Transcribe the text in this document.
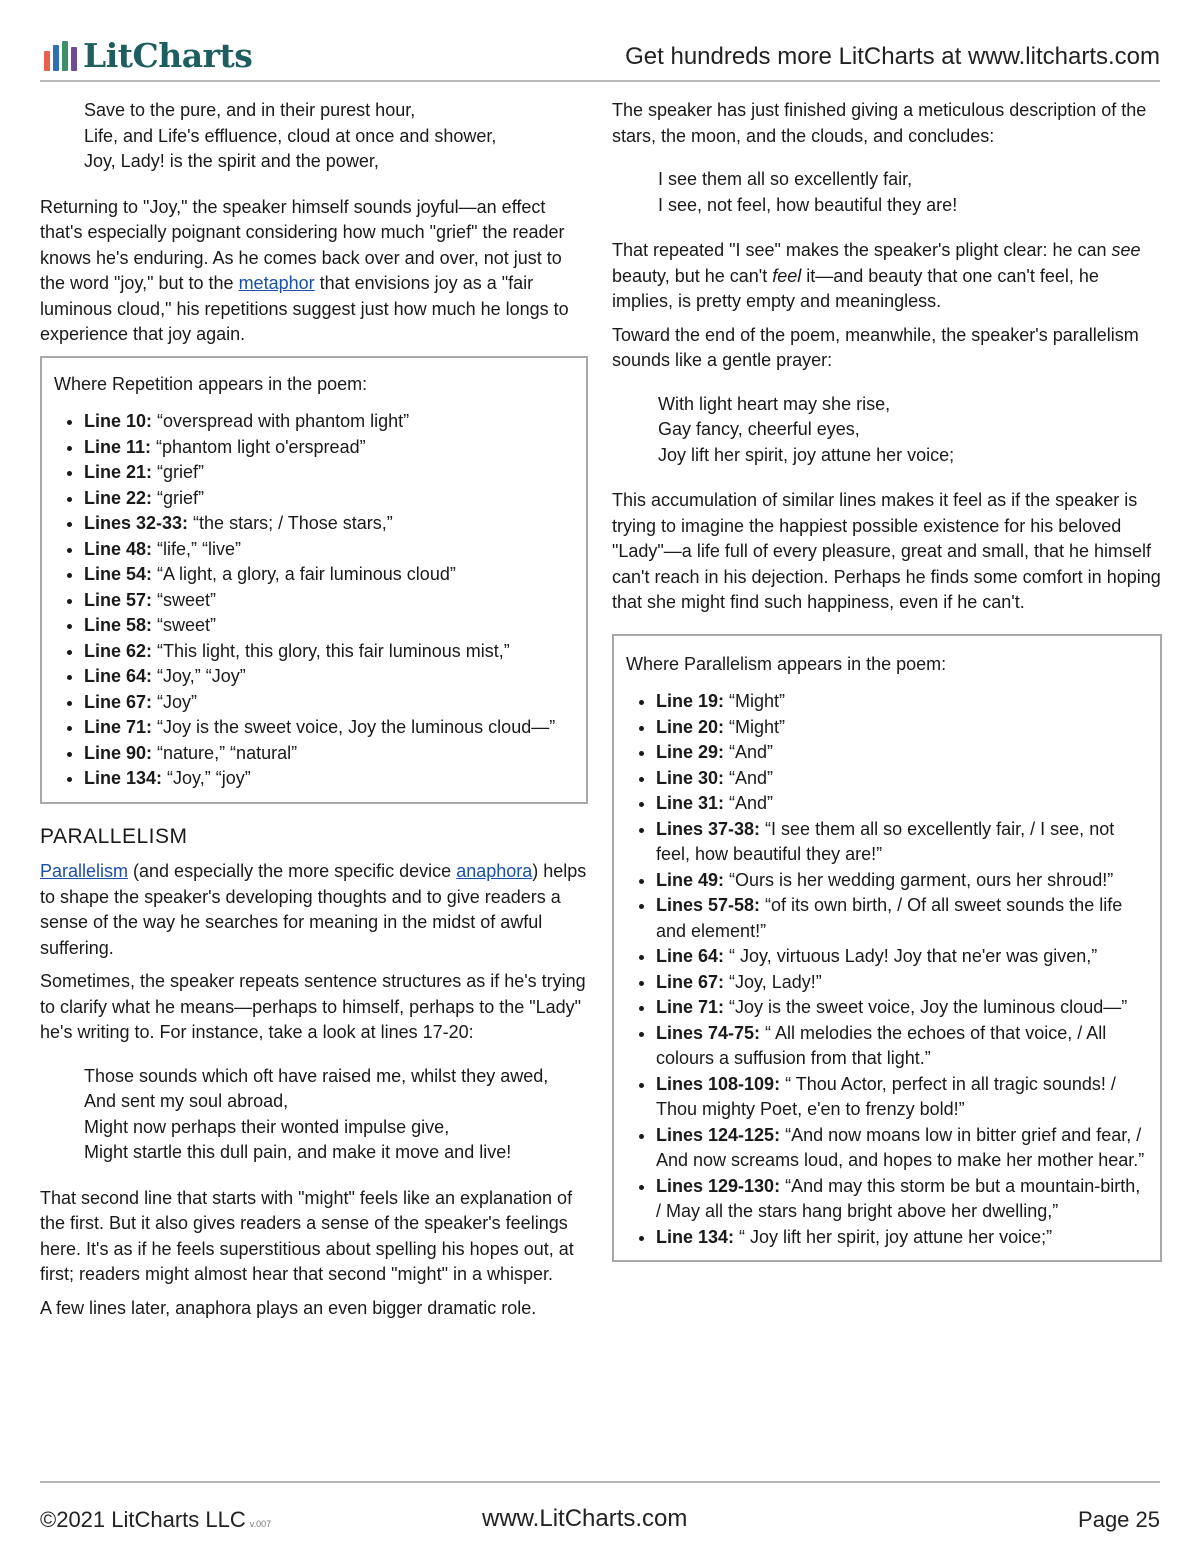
LitCharts	Get hundreds more LitCharts at www.litcharts.com
Save to the pure, and in their purest hour,
Life, and Life's effluence, cloud at once and shower,
Joy, Lady! is the spirit and the power,

Returning to "Joy," the speaker himself sounds joyful—an effect that's especially poignant considering how much "grief" the reader knows he's enduring. As he comes back over and over, not just to the word "joy," but to the metaphor that envisions joy as a "fair luminous cloud," his repetitions suggest just how much he longs to experience that joy again.

Where Repetition appears in the poem:
• Line 10: “overspread with phantom light”
• Line 11: “phantom light o'erspread”
• Line 21: “grief”
• Line 22: “grief”
• Lines 32-33: “the stars; / Those stars,”
• Line 48: “life,” “live”
• Line 54: “A light, a glory, a fair luminous cloud”
• Line 57: “sweet”
• Line 58: “sweet”
• Line 62: “This light, this glory, this fair luminous mist,”
• Line 64: “Joy,” “Joy”
• Line 67: “Joy”
• Line 71: “Joy is the sweet voice, Joy the luminous cloud—”
• Line 90: “nature,” “natural”
• Line 134: “Joy,” “joy”
PARALLELISM

Parallelism (and especially the more specific device anaphora) helps to shape the speaker's developing thoughts and to give readers a sense of the way he searches for meaning in the midst of awful suffering.

Sometimes, the speaker repeats sentence structures as if he's trying to clarify what he means—perhaps to himself, perhaps to the "Lady" he's writing to. For instance, take a look at lines 17-20:

Those sounds which oft have raised me, whilst they awed,
And sent my soul abroad,
Might now perhaps their wonted impulse give,
Might startle this dull pain, and make it move and live!

That second line that starts with "might" feels like an explanation of the first. But it also gives readers a sense of the speaker's feelings here. It's as if he feels superstitious about spelling his hopes out, at first; readers might almost hear that second "might" in a whisper.

A few lines later, anaphora plays an even bigger dramatic role.

The speaker has just finished giving a meticulous description of the stars, the moon, and the clouds, and concludes:

I see them all so excellently fair,
I see, not feel, how beautiful they are!

That repeated "I see" makes the speaker's plight clear: he can see beauty, but he can't feel it—and beauty that one can't feel, he implies, is pretty empty and meaningless.

Toward the end of the poem, meanwhile, the speaker's parallelism sounds like a gentle prayer:

With light heart may she rise,
Gay fancy, cheerful eyes,
Joy lift her spirit, joy attune her voice;

This accumulation of similar lines makes it feel as if the speaker is trying to imagine the happiest possible existence for his beloved "Lady"—a life full of every pleasure, great and small, that he himself can't reach in his dejection. Perhaps he finds some comfort in hoping that she might find such happiness, even if he can't.

Where Parallelism appears in the poem:
• Line 19: “Might”
• Line 20: “Might”
• Line 29: “And”
• Line 30: “And”
• Line 31: “And”
• Lines 37-38: “I see them all so excellently fair, / I see, not feel, how beautiful they are!”
• Line 49: “Ours is her wedding garment, ours her shroud!”
• Lines 57-58: “of its own birth, / Of all sweet sounds the life and element!”
• Line 64: “ Joy, virtuous Lady! Joy that ne'er was given,”
• Line 67: “Joy, Lady!”
• Line 71: “Joy is the sweet voice, Joy the luminous cloud—”
• Lines 74-75: “ All melodies the echoes of that voice, / All colours a suffusion from that light.”
• Lines 108-109: “ Thou Actor, perfect in all tragic sounds! / Thou mighty Poet, e'en to frenzy bold!”
• Lines 124-125: “And now moans low in bitter grief and fear, / And now screams loud, and hopes to make her mother hear.”
• Lines 129-130: “And may this storm be but a mountain-birth, / May all the stars hang bright above her dwelling,”
• Line 134: “ Joy lift her spirit, joy attune her voice;”
©2021 LitCharts LLC v.007	www.LitCharts.com	Page 25
